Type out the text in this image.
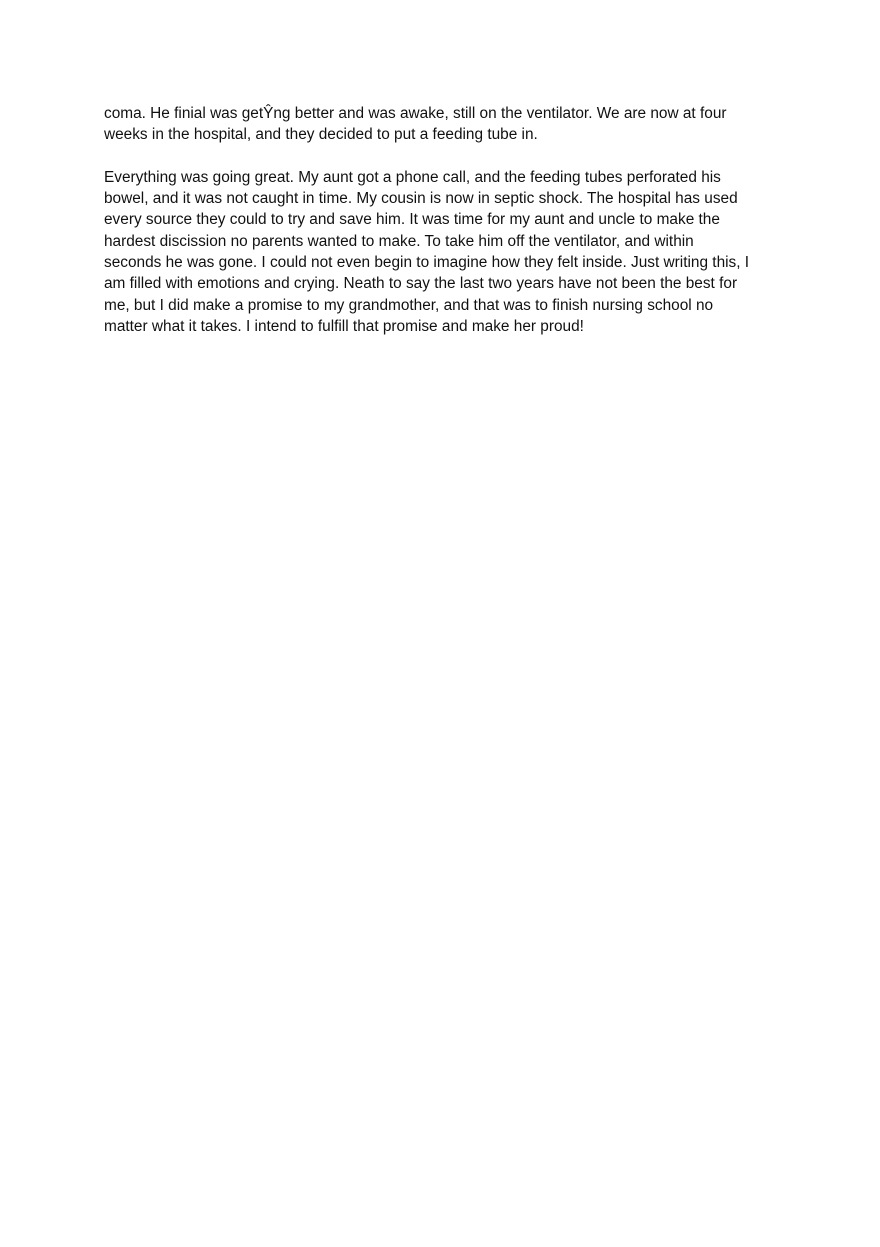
coma. He finial was getŶng better and was awake, still on the ventilator. We are now at four
weeks in the hospital, and they decided to put a feeding tube in.

Everything was going great. My aunt got a phone call, and the feeding tubes perforated his
bowel, and it was not caught in time. My cousin is now in septic shock. The hospital has used
every source they could to try and save him. It was time for my aunt and uncle to make the
hardest discission no parents wanted to make. To take him off the ventilator, and within
seconds he was gone. I could not even begin to imagine how they felt inside. Just writing this, I
am filled with emotions and crying. Neath to say the last two years have not been the best for
me, but I did make a promise to my grandmother, and that was to finish nursing school no
matter what it takes. I intend to fulfill that promise and make her proud!
